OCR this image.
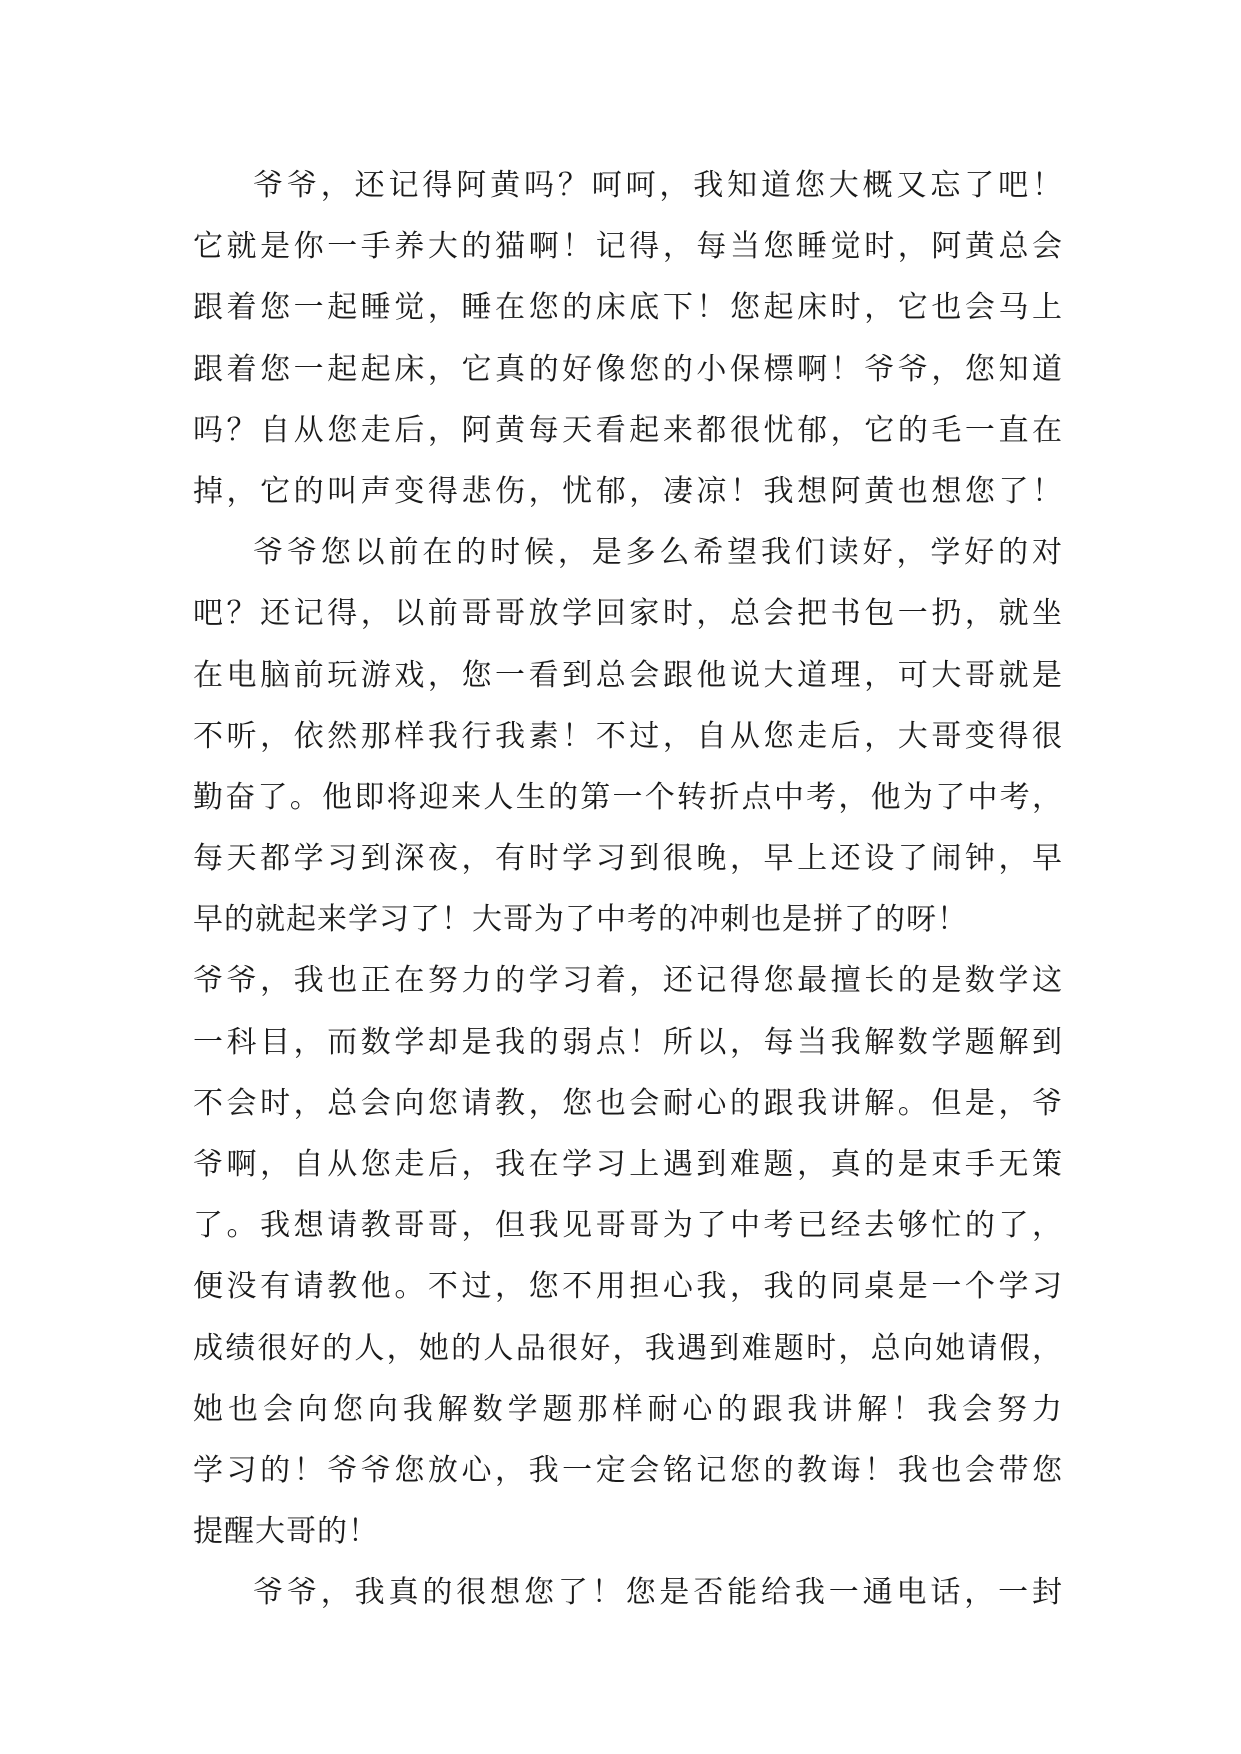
爷爷，还记得阿黄吗？呵呵，我知道您大概又忘了吧！
它就是你一手养大的猫啊！记得，每当您睡觉时，阿黄总会
跟着您一起睡觉，睡在您的床底下！您起床时，它也会马上
跟着您一起起床，它真的好像您的小保標啊！爷爷，您知道
吗？自从您走后，阿黄每天看起来都很忧郁，它的毛一直在
掉，它的叫声变得悲伤，忧郁，凄凉！我想阿黄也想您了！
爷爷您以前在的时候，是多么希望我们读好，学好的对
吧？还记得，以前哥哥放学回家时，总会把书包一扔，就坐
在电脑前玩游戏，您一看到总会跟他说大道理，可大哥就是
不听，依然那样我行我素！不过，自从您走后，大哥变得很
勤奋了。他即将迎来人生的第一个转折点中考，他为了中考，
每天都学习到深夜，有时学习到很晚，早上还设了闹钟，早
早的就起来学习了！大哥为了中考的冲刺也是拼了的呀！
爷爷，我也正在努力的学习着，还记得您最擅长的是数学这
一科目，而数学却是我的弱点！所以，每当我解数学题解到
不会时，总会向您请教，您也会耐心的跟我讲解。但是，爷
爷啊，自从您走后，我在学习上遇到难题，真的是束手无策
了。我想请教哥哥，但我见哥哥为了中考已经去够忙的了，
便没有请教他。不过，您不用担心我，我的同桌是一个学习
成绩很好的人，她的人品很好，我遇到难题时，总向她请假，
她也会向您向我解数学题那样耐心的跟我讲解！我会努力
学习的！爷爷您放心，我一定会铭记您的教诲！我也会带您
提醒大哥的！
爷爷，我真的很想您了！您是否能给我一通电话，一封
